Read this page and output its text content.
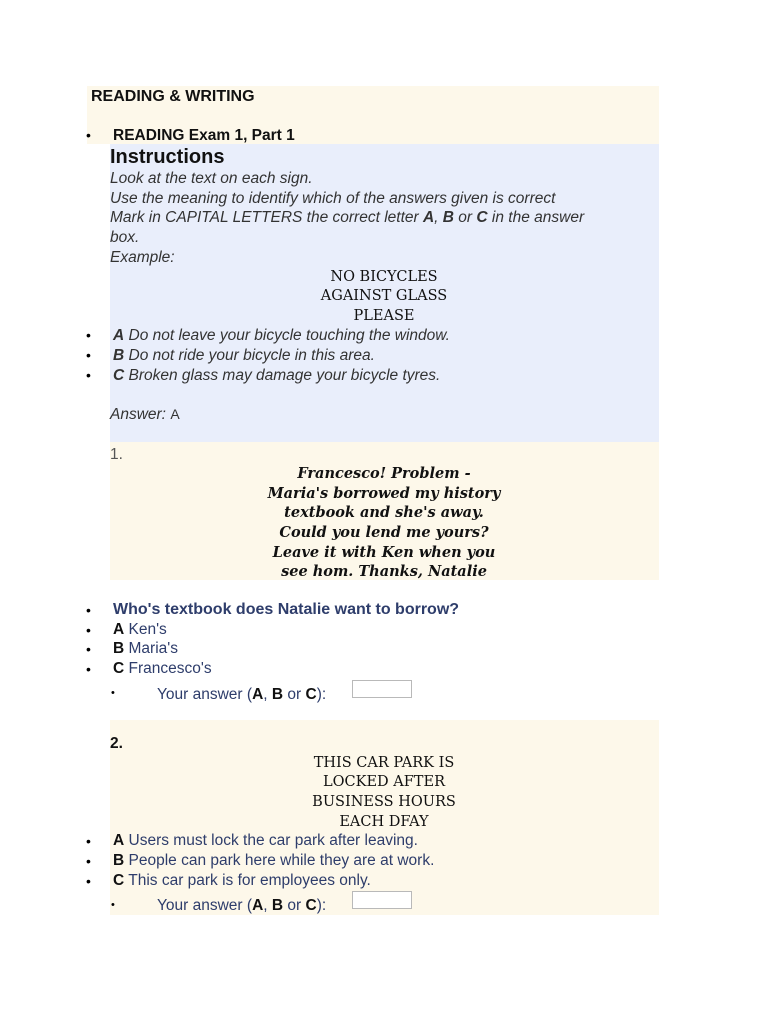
READING & WRITING
• READING Exam 1, Part 1
Instructions
Look at the text on each sign.
Use the meaning to identify which of the answers given is correct
Mark in CAPITAL LETTERS the correct letter A, B or C in the answer
box.
Example:
NO BICYCLES
AGAINST GLASS
PLEASE
• A Do not leave your bicycle touching the window.
• B Do not ride your bicycle in this area.
• C Broken glass may damage your bicycle tyres.
Answer: A
1.
Francesco! Problem -
Maria's borrowed my history
textbook and she's away.
Could you lend me yours?
Leave it with Ken when you
see hom. Thanks, Natalie
• Who's textbook does Natalie want to borrow?
• A Ken's
• B Maria's
• C Francesco's
•	Your answer (A, B or C):
2.
THIS CAR PARK IS
LOCKED AFTER
BUSINESS HOURS
EACH DFAY
• A Users must lock the car park after leaving.
• B People can park here while they are at work.
• C This car park is for employees only.
•	Your answer (A, B or C):
